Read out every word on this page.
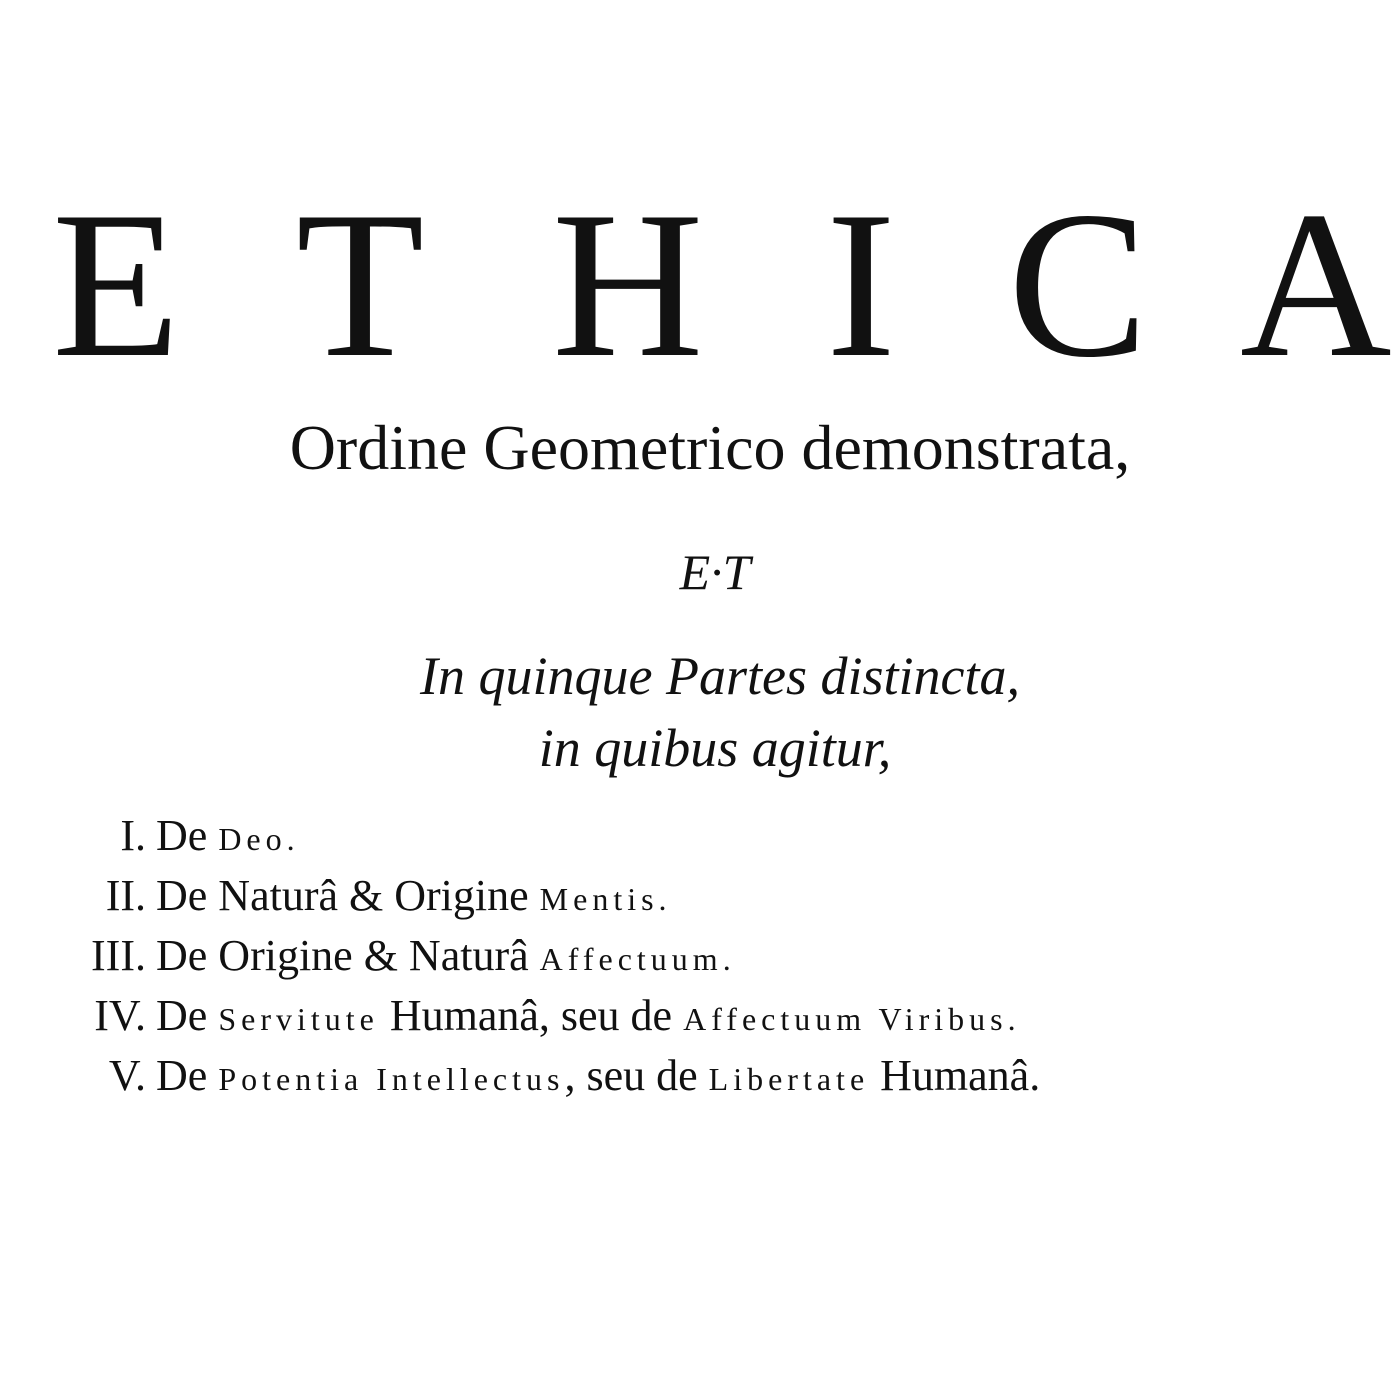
E T H I C A
Ordine Geometrico demonstrata,
E·T
In quinque Partes distincta,
in quibus agitur,
I. De Deo.
II. De Naturâ & Origine Mentis.
III. De Origine & Naturâ Affectuum.
IV. De Servitute Humanâ, seu de Affectuum Viribus.
V. De Potentia Intellectus, seu de Libertate Humanâ.
